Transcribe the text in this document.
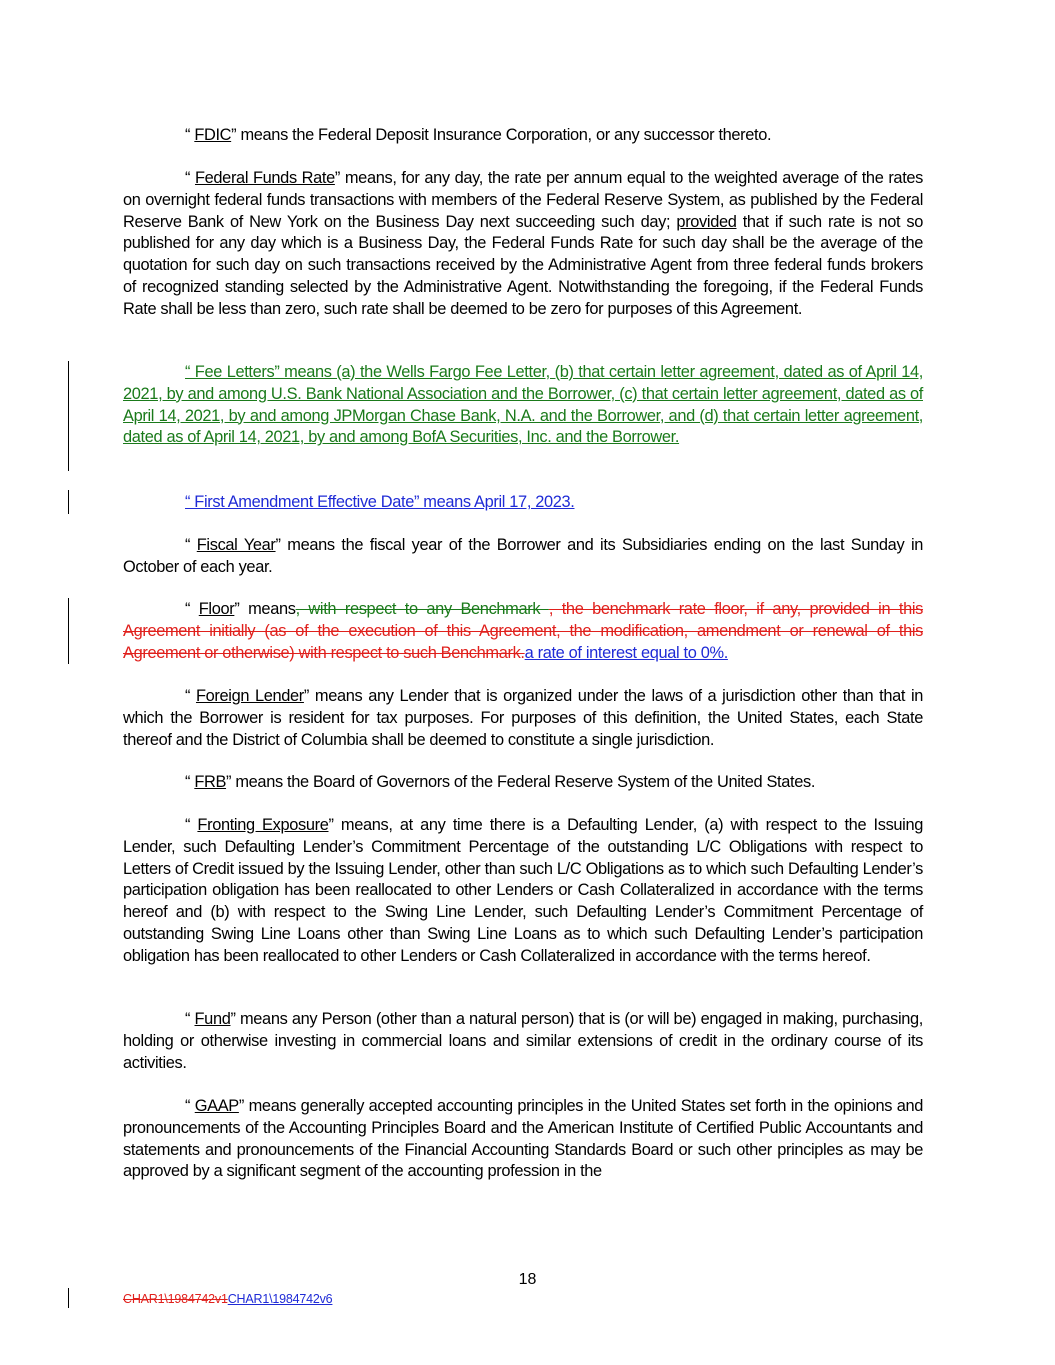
“ FDIC” means the Federal Deposit Insurance Corporation, or any successor thereto.

“ Federal Funds Rate” means, for any day, the rate per annum equal to the weighted average of the rates on overnight federal funds transactions with members of the Federal Reserve System, as published by the Federal Reserve Bank of New York on the Business Day next succeeding such day; provided that if such rate is not so published for any day which is a Business Day, the Federal Funds Rate for such day shall be the average of the quotation for such day on such transactions received by the Administrative Agent from three federal funds brokers of recognized standing selected by the Administrative Agent. Notwithstanding the foregoing, if the Federal Funds Rate shall be less than zero, such rate shall be deemed to be zero for purposes of this Agreement.

“ Fee Letters” means (a) the Wells Fargo Fee Letter, (b) that certain letter agreement, dated as of April 14, 2021, by and among U.S. Bank National Association and the Borrower, (c) that certain letter agreement, dated as of April 14, 2021, by and among JPMorgan Chase Bank, N.A. and the Borrower, and (d) that certain letter agreement, dated as of April 14, 2021, by and among BofA Securities, Inc. and the Borrower.

“ First Amendment Effective Date” means April 17, 2023.

“ Fiscal Year” means the fiscal year of the Borrower and its Subsidiaries ending on the last Sunday in October of each year.

“ Floor” means, with respect to any Benchmark , the benchmark rate floor, if any, provided in this Agreement initially (as of the execution of this Agreement, the modification, amendment or renewal of this Agreement or otherwise) with respect to such Benchmark.a rate of interest equal to 0%.

“ Foreign Lender” means any Lender that is organized under the laws of a jurisdiction other than that in which the Borrower is resident for tax purposes. For purposes of this definition, the United States, each State thereof and the District of Columbia shall be deemed to constitute a single jurisdiction.

“ FRB” means the Board of Governors of the Federal Reserve System of the United States.

“ Fronting Exposure” means, at any time there is a Defaulting Lender, (a) with respect to the Issuing Lender, such Defaulting Lender’s Commitment Percentage of the outstanding L/C Obligations with respect to Letters of Credit issued by the Issuing Lender, other than such L/C Obligations as to which such Defaulting Lender’s participation obligation has been reallocated to other Lenders or Cash Collateralized in accordance with the terms hereof and (b) with respect to the Swing Line Lender, such Defaulting Lender’s Commitment Percentage of outstanding Swing Line Loans other than Swing Line Loans as to which such Defaulting Lender’s participation obligation has been reallocated to other Lenders or Cash Collateralized in accordance with the terms hereof.

“ Fund” means any Person (other than a natural person) that is (or will be) engaged in making, purchasing, holding or otherwise investing in commercial loans and similar extensions of credit in the ordinary course of its activities.

“ GAAP” means generally accepted accounting principles in the United States set forth in the opinions and pronouncements of the Accounting Principles Board and the American Institute of Certified Public Accountants and statements and pronouncements of the Financial Accounting Standards Board or such other principles as may be approved by a significant segment of the accounting profession in the

18
CHAR1\1984742v1CHAR1\1984742v6
